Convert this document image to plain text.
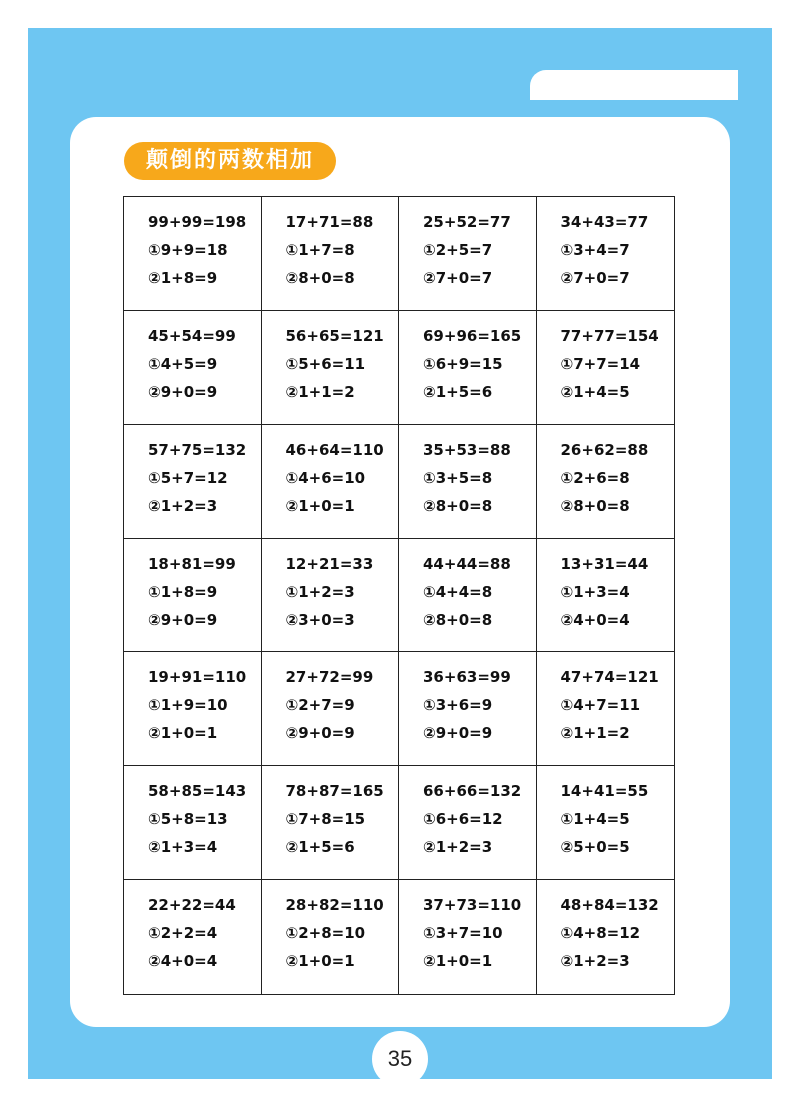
颠倒的两数相加
99+99=198
①9+9=18
②1+8=9
17+71=88
①1+7=8
②8+0=8
25+52=77
①2+5=7
②7+0=7
34+43=77
①3+4=7
②7+0=7
45+54=99
①4+5=9
②9+0=9
56+65=121
①5+6=11
②1+1=2
69+96=165
①6+9=15
②1+5=6
77+77=154
①7+7=14
②1+4=5
57+75=132
①5+7=12
②1+2=3
46+64=110
①4+6=10
②1+0=1
35+53=88
①3+5=8
②8+0=8
26+62=88
①2+6=8
②8+0=8
18+81=99
①1+8=9
②9+0=9
12+21=33
①1+2=3
②3+0=3
44+44=88
①4+4=8
②8+0=8
13+31=44
①1+3=4
②4+0=4
19+91=110
①1+9=10
②1+0=1
27+72=99
①2+7=9
②9+0=9
36+63=99
①3+6=9
②9+0=9
47+74=121
①4+7=11
②1+1=2
58+85=143
①5+8=13
②1+3=4
78+87=165
①7+8=15
②1+5=6
66+66=132
①6+6=12
②1+2=3
14+41=55
①1+4=5
②5+0=5
22+22=44
①2+2=4
②4+0=4
28+82=110
①2+8=10
②1+0=1
37+73=110
①3+7=10
②1+0=1
48+84=132
①4+8=12
②1+2=3
35
